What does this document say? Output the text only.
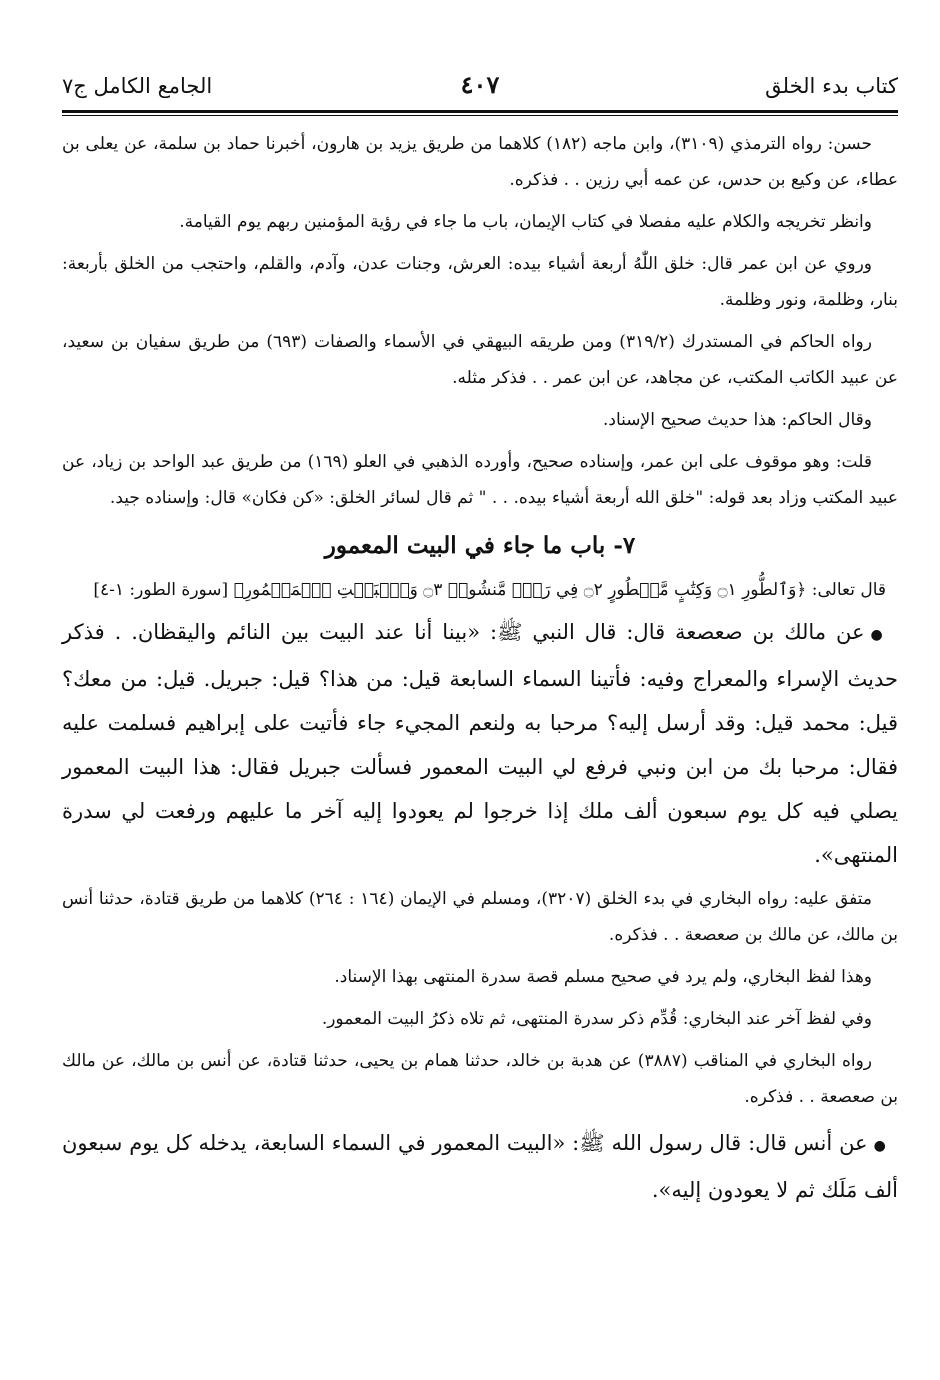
كتاب بدء الخلق
٤٠٧
الجامع الكامل ج٧

حسن: رواه الترمذي (٣١٠٩)، وابن ماجه (١٨٢) كلاهما من طريق يزيد بن هارون، أخبرنا حماد بن سلمة، عن يعلى بن عطاء، عن وكيع بن حدس، عن عمه أبي رزين . . فذكره.

وانظر تخريجه والكلام عليه مفصلا في كتاب الإيمان، باب ما جاء في رؤية المؤمنين ربهم يوم القيامة.

وروي عن ابن عمر قال: خلق اللّٰهُ أربعة أشياء بيده: العرش، وجنات عدن، وآدم، والقلم، واحتجب من الخلق بأربعة: بنار، وظلمة، ونور وظلمة.

رواه الحاكم في المستدرك (٣١٩/٢) ومن طريقه البيهقي في الأسماء والصفات (٦٩٣) من طريق سفيان بن سعيد، عن عبيد الكاتب المكتب، عن مجاهد، عن ابن عمر . . فذكر مثله.

وقال الحاكم: هذا حديث صحيح الإسناد.

قلت: وهو موقوف على ابن عمر، وإسناده صحيح، وأورده الذهبي في العلو (١٦٩) من طريق عبد الواحد بن زياد، عن عبيد المكتب وزاد بعد قوله: "خلق الله أربعة أشياء بيده. . . " ثم قال لسائر الخلق: «كن فكان» قال: وإسناده جيد.

٧- باب ما جاء في البيت المعمور

قال تعالى: ﴿وَٱلطُّورِ ۝١ وَكِتَٰبٍ مَّسۡطُورٍ ۝٢ فِي رَقّٖ مَّنشُورٖ ۝٣ وَٱلۡبَيۡتِ ٱلۡمَعۡمُورِ﴾ [سورة الطور: ١-٤]

●عن مالك بن صعصعة قال: قال النبي ﷺ: «بينا أنا عند البيت بين النائم واليقظان. . فذكر حديث الإسراء والمعراج وفيه: فأتينا السماء السابعة قيل: من هذا؟ قيل: جبريل. قيل: من معك؟ قيل: محمد قيل: وقد أرسل إليه؟ مرحبا به ولنعم المجيء جاء فأتيت على إبراهيم فسلمت عليه فقال: مرحبا بك من ابن ونبي فرفع لي البيت المعمور فسألت جبريل فقال: هذا البيت المعمور يصلي فيه كل يوم سبعون ألف ملك إذا خرجوا لم يعودوا إليه آخر ما عليهم ورفعت لي سدرة المنتهى».

متفق عليه: رواه البخاري في بدء الخلق (٣٢٠٧)، ومسلم في الإيمان (١٦٤ : ٢٦٤) كلاهما من طريق قتادة، حدثنا أنس بن مالك، عن مالك بن صعصعة . . فذكره.

وهذا لفظ البخاري، ولم يرد في صحيح مسلم قصة سدرة المنتهى بهذا الإسناد.

وفي لفظ آخر عند البخاري: قُدِّم ذكر سدرة المنتهى، ثم تلاه ذكرُ البيت المعمور.

رواه البخاري في المناقب (٣٨٨٧) عن هدبة بن خالد، حدثنا همام بن يحيى، حدثنا قتادة، عن أنس بن مالك، عن مالك بن صعصعة . . فذكره.

●عن أنس قال: قال رسول الله ﷺ: «البيت المعمور في السماء السابعة، يدخله كل يوم سبعون ألف مَلَك ثم لا يعودون إليه».
